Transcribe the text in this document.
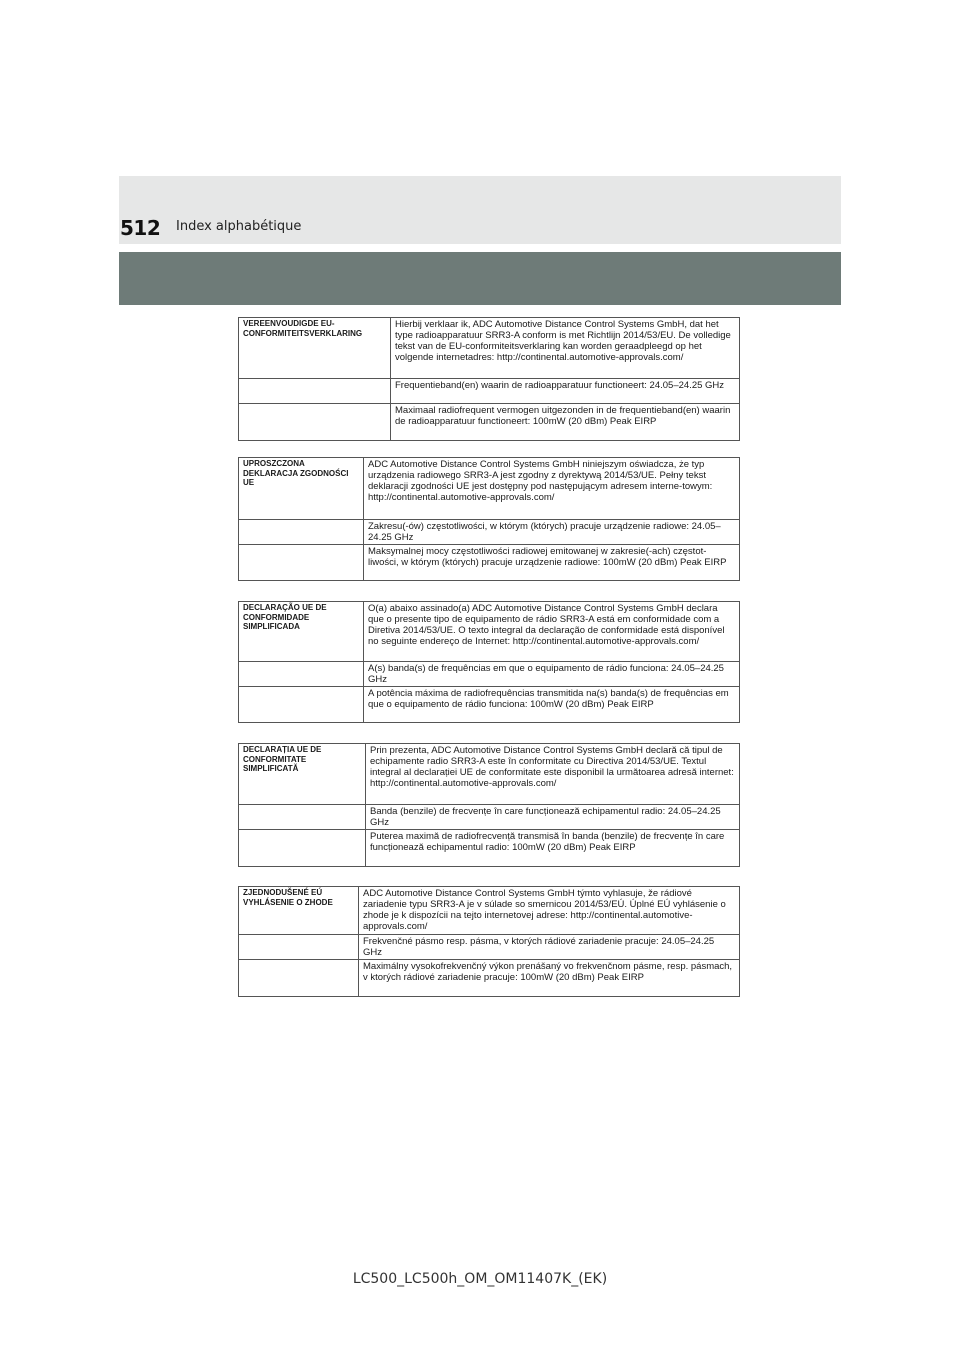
512 Index alphabétique
VEREENVOUDIGDE EU-CONFORMITEITSVERKLARING	Hierbij verklaar ik, ADC Automotive Distance Control Systems GmbH, dat het type radioapparatuur SRR3-A conform is met Richtlijn 2014/53/EU. De volledige tekst van de EU-conformiteitsverklaring kan worden geraadpleegd op het volgende internetadres: http://continental.automotive-approvals.com/
	Frequentieband(en) waarin de radioapparatuur functioneert: 24.05–24.25 GHz
	Maximaal radiofrequent vermogen uitgezonden in de frequentieband(en) waarin de radioapparatuur functioneert: 100mW (20 dBm) Peak EIRP
UPROSZCZONA DEKLARACJA ZGODNOŚCI UE	ADC Automotive Distance Control Systems GmbH niniejszym oświadcza, że typ urządzenia radiowego SRR3-A jest zgodny z dyrektywą 2014/53/UE. Pełny tekst deklaracji zgodności UE jest dostępny pod następującym adresem interne-towym: http://continental.automotive-approvals.com/
	Zakresu(-ów) częstotliwości, w którym (których) pracuje urządzenie radiowe: 24.05–24.25 GHz
	Maksymalnej mocy częstotliwości radiowej emitowanej w zakresie(-ach) częstot-liwości, w którym (których) pracuje urządzenie radiowe: 100mW (20 dBm) Peak EIRP
DECLARAÇÃO UE DE CONFORMIDADE SIMPLIFICADA	O(a) abaixo assinado(a) ADC Automotive Distance Control Systems GmbH declara que o presente tipo de equipamento de rádio SRR3-A está em conformidade com a Diretiva 2014/53/UE. O texto integral da declaração de conformidade está disponível no seguinte endereço de Internet: http://continental.automotive-approvals.com/
	A(s) banda(s) de frequências em que o equipamento de rádio funciona: 24.05–24.25 GHz
	A potência máxima de radiofrequências transmitida na(s) banda(s) de frequências em que o equipamento de rádio funciona: 100mW (20 dBm) Peak EIRP
DECLARAȚIA UE DE CONFORMITATE SIMPLIFICATĂ	Prin prezenta, ADC Automotive Distance Control Systems GmbH declară că tipul de echipamente radio SRR3-A este în conformitate cu Directiva 2014/53/UE. Textul integral al declarației UE de conformitate este disponibil la următoarea adresă internet: http://continental.automotive-approvals.com/
	Banda (benzile) de frecvențe în care funcționează echipamentul radio: 24.05–24.25 GHz
	Puterea maximă de radiofrecvență transmisă în banda (benzile) de frecvențe în care funcționează echipamentul radio: 100mW (20 dBm) Peak EIRP
ZJEDNODUŠENÉ EÚ VYHLÁSENIE O ZHODE	ADC Automotive Distance Control Systems GmbH týmto vyhlasuje, že rádiové zariadenie typu SRR3-A je v súlade so smernicou 2014/53/EÚ. Úplné EÚ vyhlásenie o zhode je k dispozícii na tejto internetovej adrese: http://continental.automotive-approvals.com/
	Frekvenčné pásmo resp. pásma, v ktorých rádiové zariadenie pracuje: 24.05–24.25 GHz
	Maximálny vysokofrekvenčný výkon prenášaný vo frekvenčnom pásme, resp. pásmach, v ktorých rádiové zariadenie pracuje: 100mW (20 dBm) Peak EIRP
LC500_LC500h_OM_OM11407K_(EK)
